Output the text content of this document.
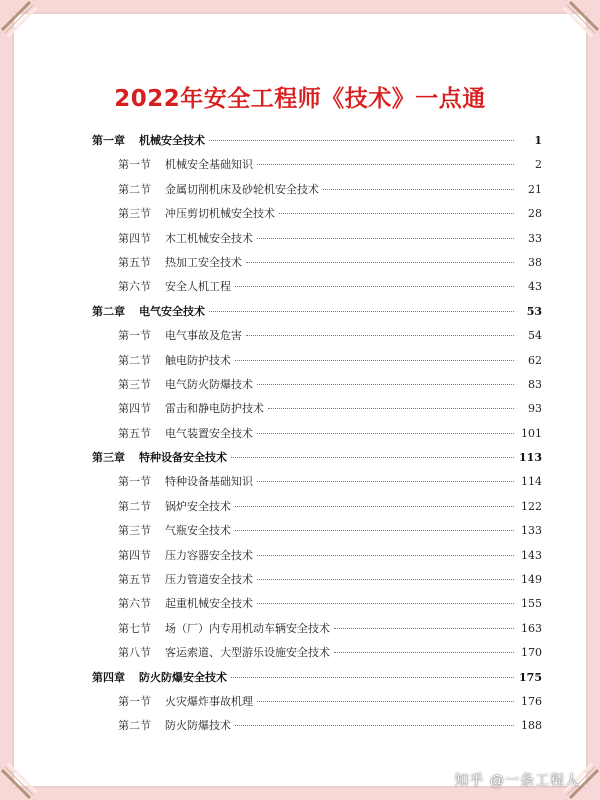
2022年安全工程师《技术》一点通
第一章 机械安全技术	1
第一节 机械安全基础知识	2
第二节 金属切削机床及砂轮机安全技术	21
第三节 冲压剪切机械安全技术	28
第四节 木工机械安全技术	33
第五节 热加工安全技术	38
第六节 安全人机工程	43
第二章 电气安全技术	53
第一节 电气事故及危害	54
第二节 触电防护技术	62
第三节 电气防火防爆技术	83
第四节 雷击和静电防护技术	93
第五节 电气装置安全技术	101
第三章 特种设备安全技术	113
第一节 特种设备基础知识	114
第二节 锅炉安全技术	122
第三节 气瓶安全技术	133
第四节 压力容器安全技术	143
第五节 压力管道安全技术	149
第六节 起重机械安全技术	155
第七节 场（厂）内专用机动车辆安全技术	163
第八节 客运索道、大型游乐设施安全技术	170
第四章 防火防爆安全技术	175
第一节 火灾爆炸事故机理	176
第二节 防火防爆技术	188
知乎 @一条工程人
